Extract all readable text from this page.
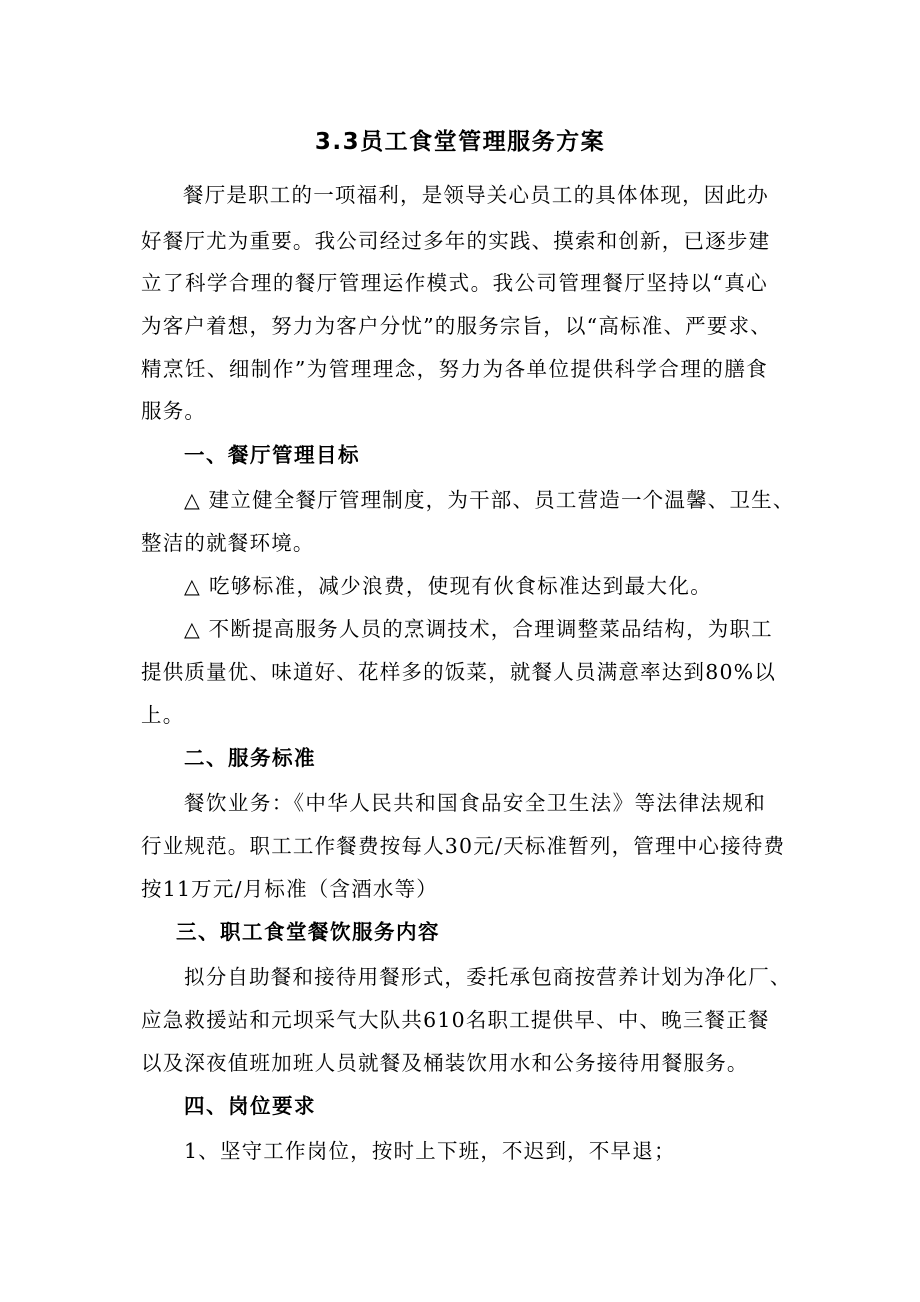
3.3员工食堂管理服务方案
餐厅是职工的一项福利，是领导关心员工的具体体现，因此办
好餐厅尤为重要。我公司经过多年的实践、摸索和创新，已逐步建
立了科学合理的餐厅管理运作模式。我公司管理餐厅坚持以“真心
为客户着想，努力为客户分忧”的服务宗旨，以“高标准、严要求、
精烹饪、细制作”为管理理念，努力为各单位提供科学合理的膳食
服务。
一、餐厅管理目标
△ 建立健全餐厅管理制度，为干部、员工营造一个温馨、卫生、
整洁的就餐环境。
△ 吃够标准，减少浪费，使现有伙食标准达到最大化。
△ 不断提高服务人员的烹调技术，合理调整菜品结构，为职工
提供质量优、味道好、花样多的饭菜，就餐人员满意率达到80%以
上。
二、服务标准
餐饮业务：《中华人民共和国食品安全卫生法》等法律法规和
行业规范。职工工作餐费按每人30元/天标准暂列，管理中心接待费
按11万元/月标准（含酒水等）
三、职工食堂餐饮服务内容
拟分自助餐和接待用餐形式，委托承包商按营养计划为净化厂、
应急救援站和元坝采气大队共610名职工提供早、中、晚三餐正餐
以及深夜值班加班人员就餐及桶装饮用水和公务接待用餐服务。
四、岗位要求
1、坚守工作岗位，按时上下班，不迟到，不早退；
